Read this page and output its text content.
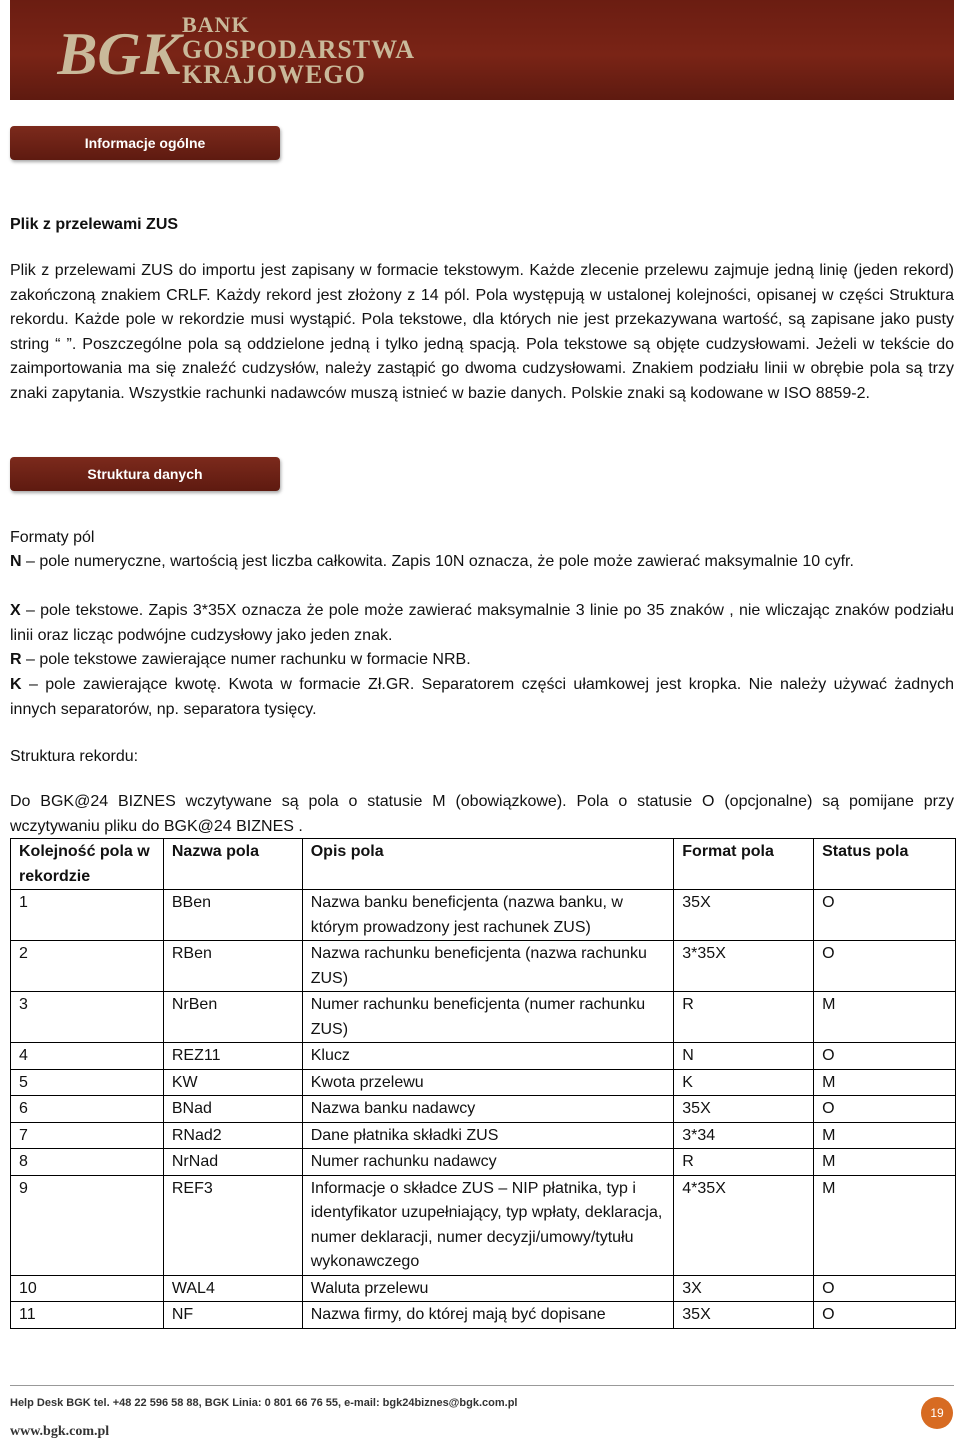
BGK BANK
GOSPODARSTWA
KRAJOWEGO
Informacje ogólne
Plik z przelewami ZUS
Plik z przelewami ZUS do importu jest zapisany w formacie tekstowym. Każde zlecenie przelewu zajmuje jedną linię (jeden rekord) zakończoną znakiem CRLF. Każdy rekord jest złożony z 14 pól. Pola występują w ustalonej kolejności, opisanej w części Struktura rekordu. Każde pole w rekordzie musi wystąpić. Pola tekstowe, dla których nie jest przekazywana wartość, są zapisane jako pusty string “ ”. Poszczególne pola są oddzielone jedną i tylko jedną spacją. Pola tekstowe są objęte cudzysłowami. Jeżeli w tekście do zaimportowania ma się znaleźć cudzysłów, należy zastąpić go dwoma cudzysłowami. Znakiem podziału linii w obrębie pola są trzy znaki zapytania. Wszystkie rachunki nadawców muszą istnieć w bazie danych. Polskie znaki są kodowane w ISO 8859-2.
Struktura danych
Formaty pól
N – pole numeryczne, wartością jest liczba całkowita. Zapis 10N oznacza, że pole może zawierać maksymalnie 10 cyfr.
X – pole tekstowe. Zapis 3*35X oznacza że pole może zawierać maksymalnie 3 linie po 35 znaków , nie wliczając znaków podziału linii oraz licząc podwójne cudzysłowy jako jeden znak.
R – pole tekstowe zawierające numer rachunku w formacie NRB.
K – pole zawierające kwotę. Kwota w formacie Zł.GR. Separatorem części ułamkowej jest kropka. Nie należy używać żadnych innych separatorów, np. separatora tysięcy.
Struktura rekordu:
Do BGK@24 BIZNES wczytywane są pola o statusie M (obowiązkowe). Pola o statusie O (opcjonalne) są pomijane przy wczytywaniu pliku do BGK@24 BIZNES .
Kolejność pola w rekordzie	Nazwa pola	Opis pola	Format pola	Status pola
1	BBen	Nazwa banku beneficjenta (nazwa banku, w którym prowadzony jest rachunek ZUS)	35X	O
2	RBen	Nazwa rachunku beneficjenta (nazwa rachunku ZUS)	3*35X	O
3	NrBen	Numer rachunku beneficjenta (numer rachunku ZUS)	R	M
4	REZ11	Klucz	N	O
5	KW	Kwota przelewu	K	M
6	BNad	Nazwa banku nadawcy	35X	O
7	RNad2	Dane płatnika składki ZUS	3*34	M
8	NrNad	Numer rachunku nadawcy	R	M
9	REF3	Informacje o składce ZUS – NIP płatnika, typ i identyfikator uzupełniający, typ wpłaty, deklaracja, numer deklaracji, numer decyzji/umowy/tytułu wykonawczego	4*35X	M
10	WAL4	Waluta przelewu	3X	O
11	NF	Nazwa firmy, do której mają być dopisane	35X	O
Help Desk BGK tel. +48 22 596 58 88, BGK Linia: 0 801 66 76 55, e-mail: bgk24biznes@bgk.com.pl
www.bgk.com.pl
19
